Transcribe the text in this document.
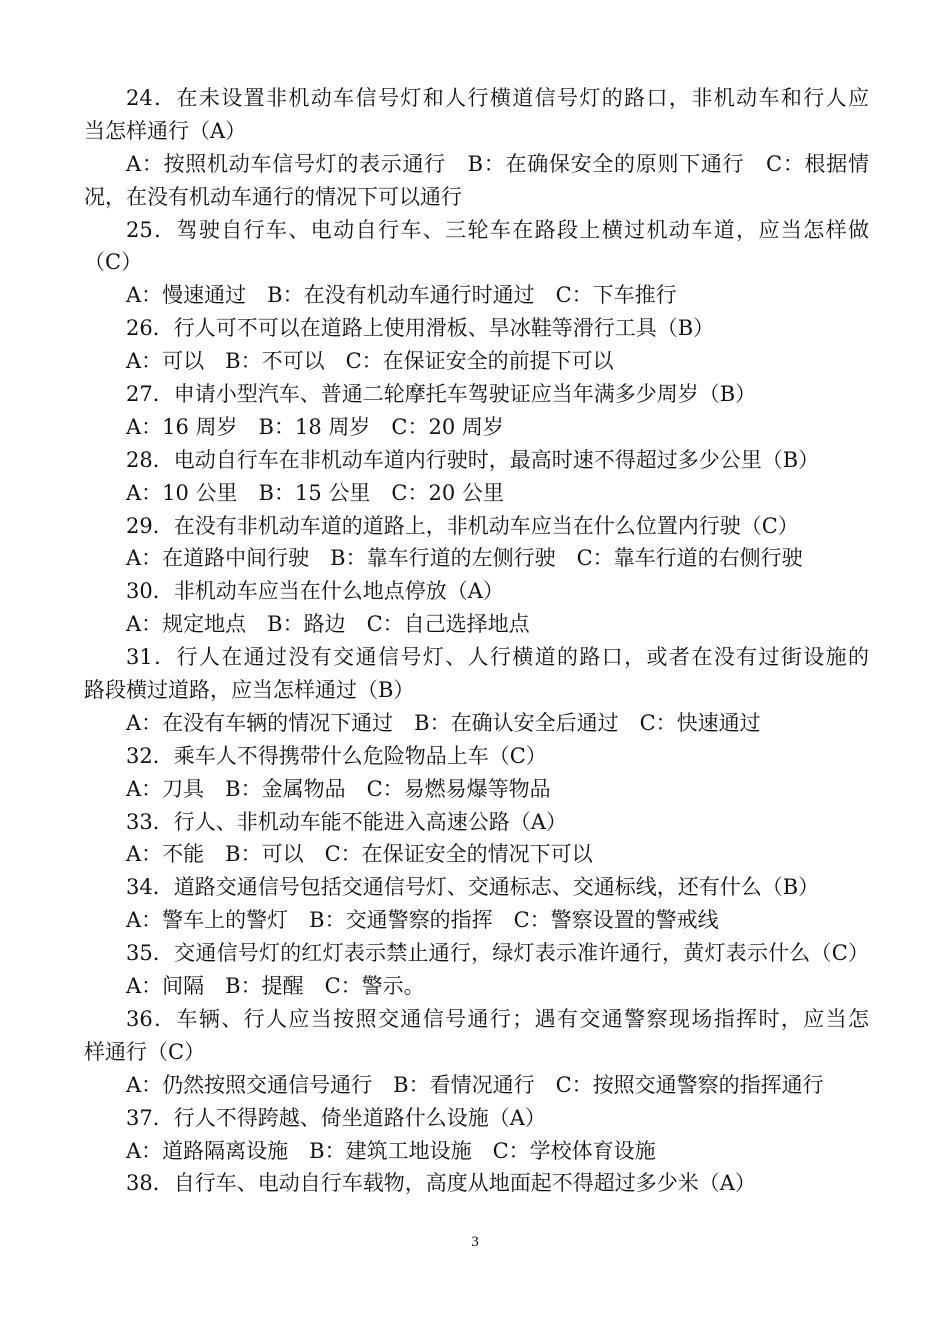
24．在未设置非机动车信号灯和人行横道信号灯的路口，非机动车和行人应
当怎样通行（A）
A：按照机动车信号灯的表示通行　B：在确保安全的原则下通行　C：根据情
况，在没有机动车通行的情况下可以通行
25．驾驶自行车、电动自行车、三轮车在路段上横过机动车道，应当怎样做
（C）
A：慢速通过　B：在没有机动车通行时通过　C：下车推行
26．行人可不可以在道路上使用滑板、旱冰鞋等滑行工具（B）
A：可以　B：不可以　C：在保证安全的前提下可以
27．申请小型汽车、普通二轮摩托车驾驶证应当年满多少周岁（B）
A：16 周岁　B：18 周岁　C：20 周岁
28．电动自行车在非机动车道内行驶时，最高时速不得超过多少公里（B）
A：10 公里　B：15 公里　C：20 公里
29．在没有非机动车道的道路上，非机动车应当在什么位置内行驶（C）
A：在道路中间行驶　B：靠车行道的左侧行驶　C：靠车行道的右侧行驶
30．非机动车应当在什么地点停放（A）
A：规定地点　B：路边　C：自己选择地点
31．行人在通过没有交通信号灯、人行横道的路口，或者在没有过街设施的
路段横过道路，应当怎样通过（B）
A：在没有车辆的情况下通过　B：在确认安全后通过　C：快速通过
32．乘车人不得携带什么危险物品上车（C）
A：刀具　B：金属物品　C：易燃易爆等物品
33．行人、非机动车能不能进入高速公路（A）
A：不能　B：可以　C：在保证安全的情况下可以
34．道路交通信号包括交通信号灯、交通标志、交通标线，还有什么（B）
A：警车上的警灯　B：交通警察的指挥　C：警察设置的警戒线
35．交通信号灯的红灯表示禁止通行，绿灯表示准许通行，黄灯表示什么（C）
A：间隔　B：提醒　C：警示。
36．车辆、行人应当按照交通信号通行；遇有交通警察现场指挥时，应当怎
样通行（C）
A：仍然按照交通信号通行　B：看情况通行　C：按照交通警察的指挥通行
37．行人不得跨越、倚坐道路什么设施（A）
A：道路隔离设施　B：建筑工地设施　C：学校体育设施
38．自行车、电动自行车载物，高度从地面起不得超过多少米（A）
3
